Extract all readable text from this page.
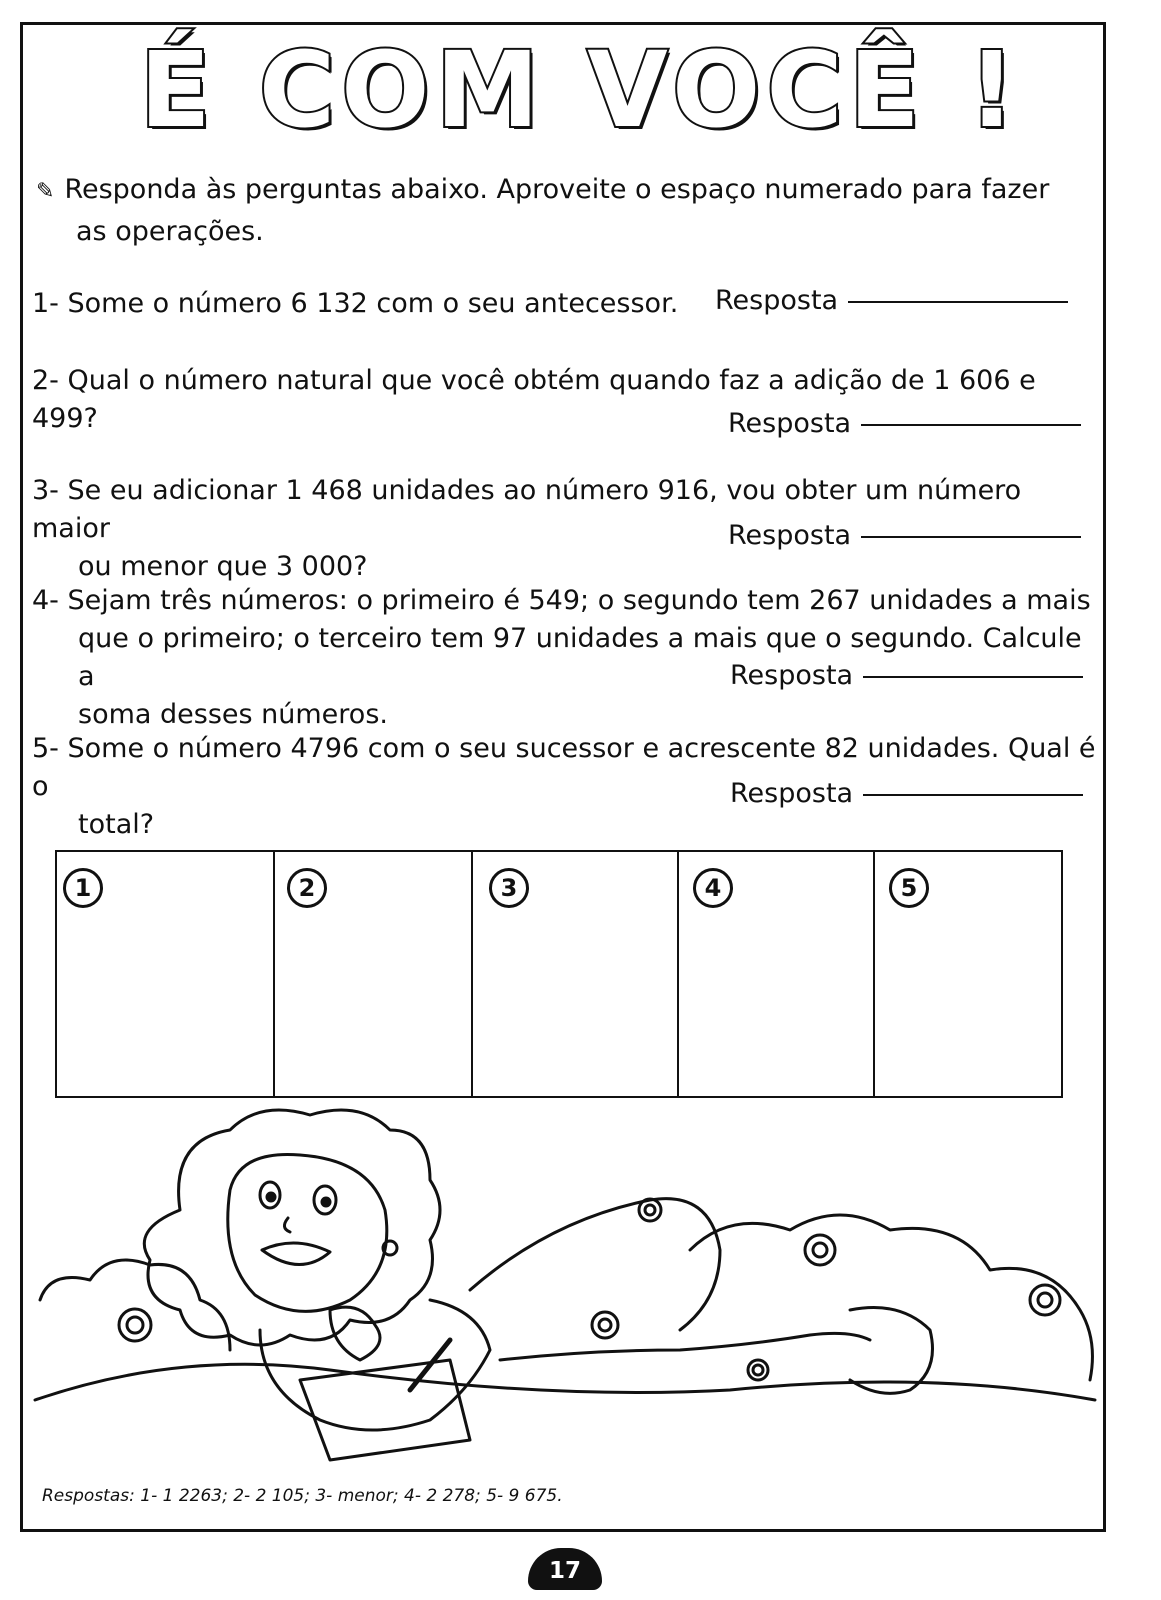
É COM VOCÊ !
✎ Responda às perguntas abaixo. Aproveite o espaço numerado para fazer
as operações.
1- Some o número 6 132 com o seu antecessor.	Resposta
2- Qual o número natural que você obtém quando faz a adição de 1 606 e 499?	Resposta
3- Se eu adicionar 1 468 unidades ao número 916, vou obter um número maior
ou menor que 3 000?
Resposta
4- Sejam três números: o primeiro é 549; o segundo tem 267 unidades a mais
que o primeiro; o terceiro tem 97 unidades a mais que o segundo. Calcule a
soma desses números.
Resposta
5- Some o número 4796 com o seu sucessor e acrescente 82 unidades. Qual é o
total?
Resposta
1	2	3	4	5
Respostas: 1- 1 2263; 2- 2 105; 3- menor; 4- 2 278; 5- 9 675.
17
